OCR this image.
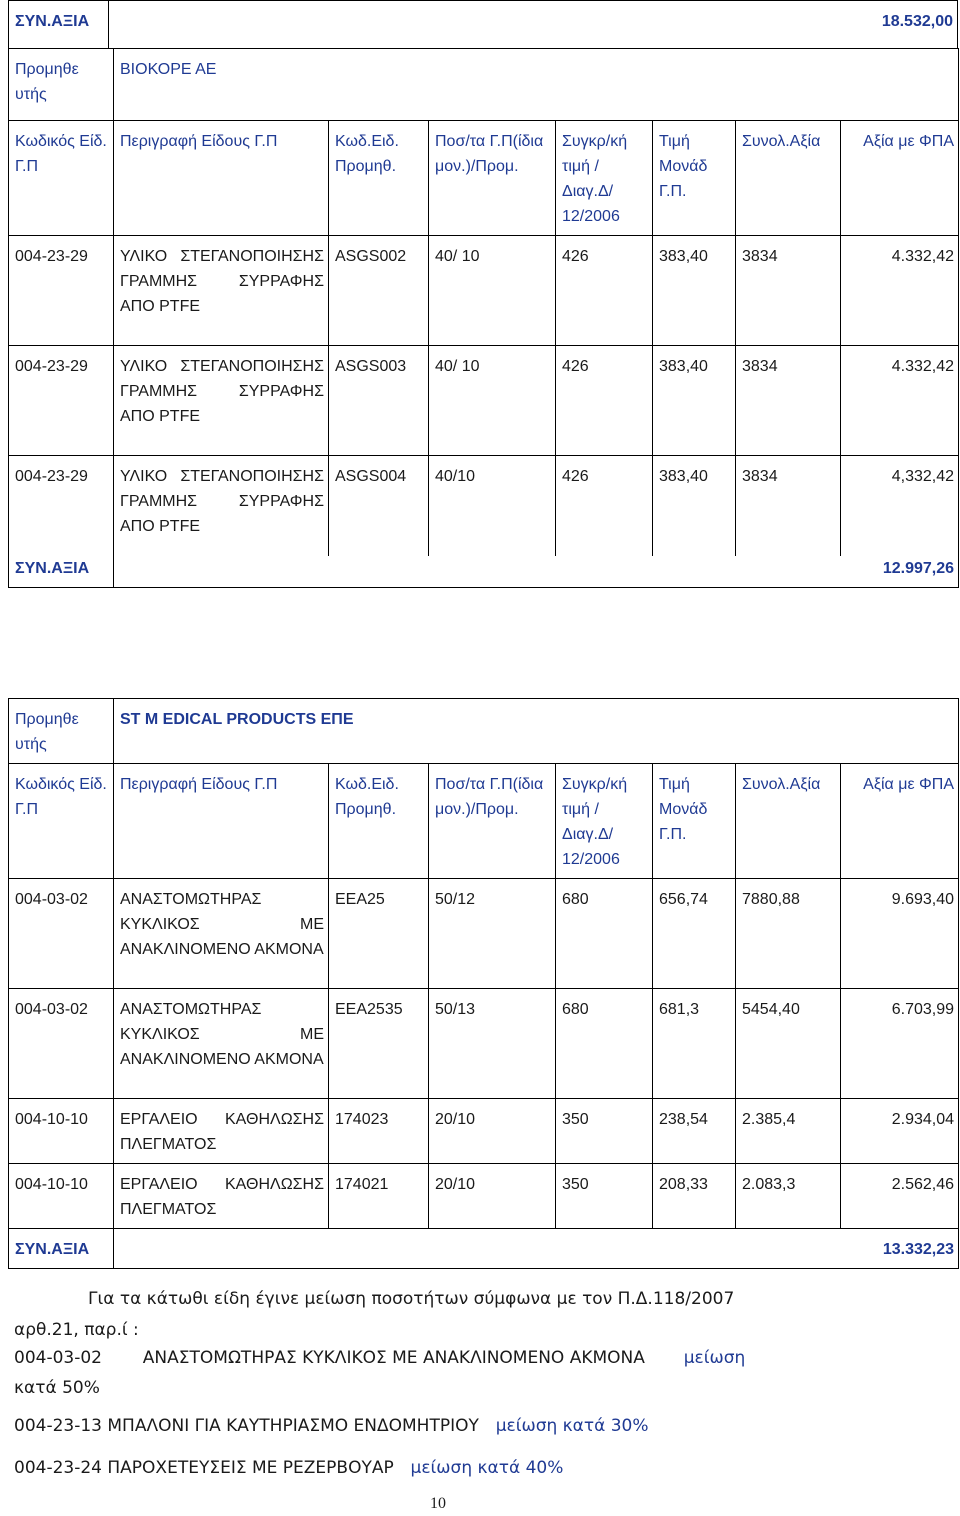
ΣΥΝ.ΑΞΙΑ	18.532,00
Προμηθε υτής	ΒΙΟΚΟΡΕ ΑΕ						
Κωδικός Είδ. Γ.Π	Περιγραφή Είδους Γ.Π	Κωδ.Ειδ. Προμηθ.	Ποσ/τα Γ.Π(ίδια μον.)/Προμ.	Συγκρ/κή τιμή /Διαγ.Δ/ 12/2006	Τιμή Μονάδ Γ.Π.	Συνολ.Αξία	Αξία με ΦΠΑ
004-23-29	ΥΛΙΚΟ ΣΤΕΓΑΝΟΠΟΙΗΣΗΣ ΓΡΑΜΜΗΣ ΣΥΡΡΑΦΗΣ ΑΠΟ PTFE	ASGS002	40/ 10	426	383,40	3834	4.332,42
004-23-29	ΥΛΙΚΟ ΣΤΕΓΑΝΟΠΟΙΗΣΗΣ ΓΡΑΜΜΗΣ ΣΥΡΡΑΦΗΣ ΑΠΟ PTFE	ASGS003	40/ 10	426	383,40	3834	4.332,42
004-23-29	ΥΛΙΚΟ ΣΤΕΓΑΝΟΠΟΙΗΣΗΣ ΓΡΑΜΜΗΣ ΣΥΡΡΑΦΗΣ ΑΠΟ PTFE	ASGS004	40/10	426	383,40	3834	4,332,42
ΣΥΝ.ΑΞΙΑ	12.997,26						
Προμηθε υτής	ST M EDICAL PRODUCTS ΕΠΕ						
Κωδικός Είδ. Γ.Π	Περιγραφή Είδους Γ.Π	Κωδ.Ειδ. Προμηθ.	Ποσ/τα Γ.Π(ίδια μον.)/Προμ.	Συγκρ/κή τιμή /Διαγ.Δ/ 12/2006	Τιμή Μονάδ Γ.Π.	Συνολ.Αξία	Αξία με ΦΠΑ
004-03-02	ΑΝΑΣΤΟΜΩΤΗΡΑΣ ΚΥΚΛΙΚΟΣ ΜΕ ΑΝΑΚΛΙΝΟΜΕΝΟ ΑΚΜΟΝΑ	EEA25	50/12	680	656,74	7880,88	9.693,40
004-03-02	ΑΝΑΣΤΟΜΩΤΗΡΑΣ ΚΥΚΛΙΚΟΣ ΜΕ ΑΝΑΚΛΙΝΟΜΕΝΟ ΑΚΜΟΝΑ	EEA2535	50/13	680	681,3	5454,40	6.703,99
004-10-10	ΕΡΓΑΛΕΙΟ ΚΑΘΗΛΩΣΗΣ ΠΛΕΓΜΑΤΟΣ	174023	20/10	350	238,54	2.385,4	2.934,04
004-10-10	ΕΡΓΑΛΕΙΟ ΚΑΘΗΛΩΣΗΣ ΠΛΕΓΜΑΤΟΣ	174021	20/10	350	208,33	2.083,3	2.562,46
ΣΥΝ.ΑΞΙΑ	13.332,23						
Για τα κάτωθι είδη έγινε μείωση ποσοτήτων σύμφωνα με τον Π.Δ.118/2007
αρθ.21, παρ.ί :
004-03-02 ΑΝΑΣΤΟΜΩΤΗΡΑΣ ΚΥΚΛΙΚΟΣ ΜΕ ΑΝΑΚΛΙΝΟΜΕΝΟ ΑΚΜΟΝΑ μείωση
κατά 50%
004-23-13 ΜΠΑΛΟΝΙ ΓΙΑ ΚΑΥΤΗΡΙΑΣΜΟ ΕΝΔΟΜΗΤΡΙΟΥ μείωση κατά 30%
004-23-24 ΠΑΡΟΧΕΤΕΥΣΕΙΣ ΜΕ ΡΕΖΕΡΒΟΥΑΡ μείωση κατά 40%
10
